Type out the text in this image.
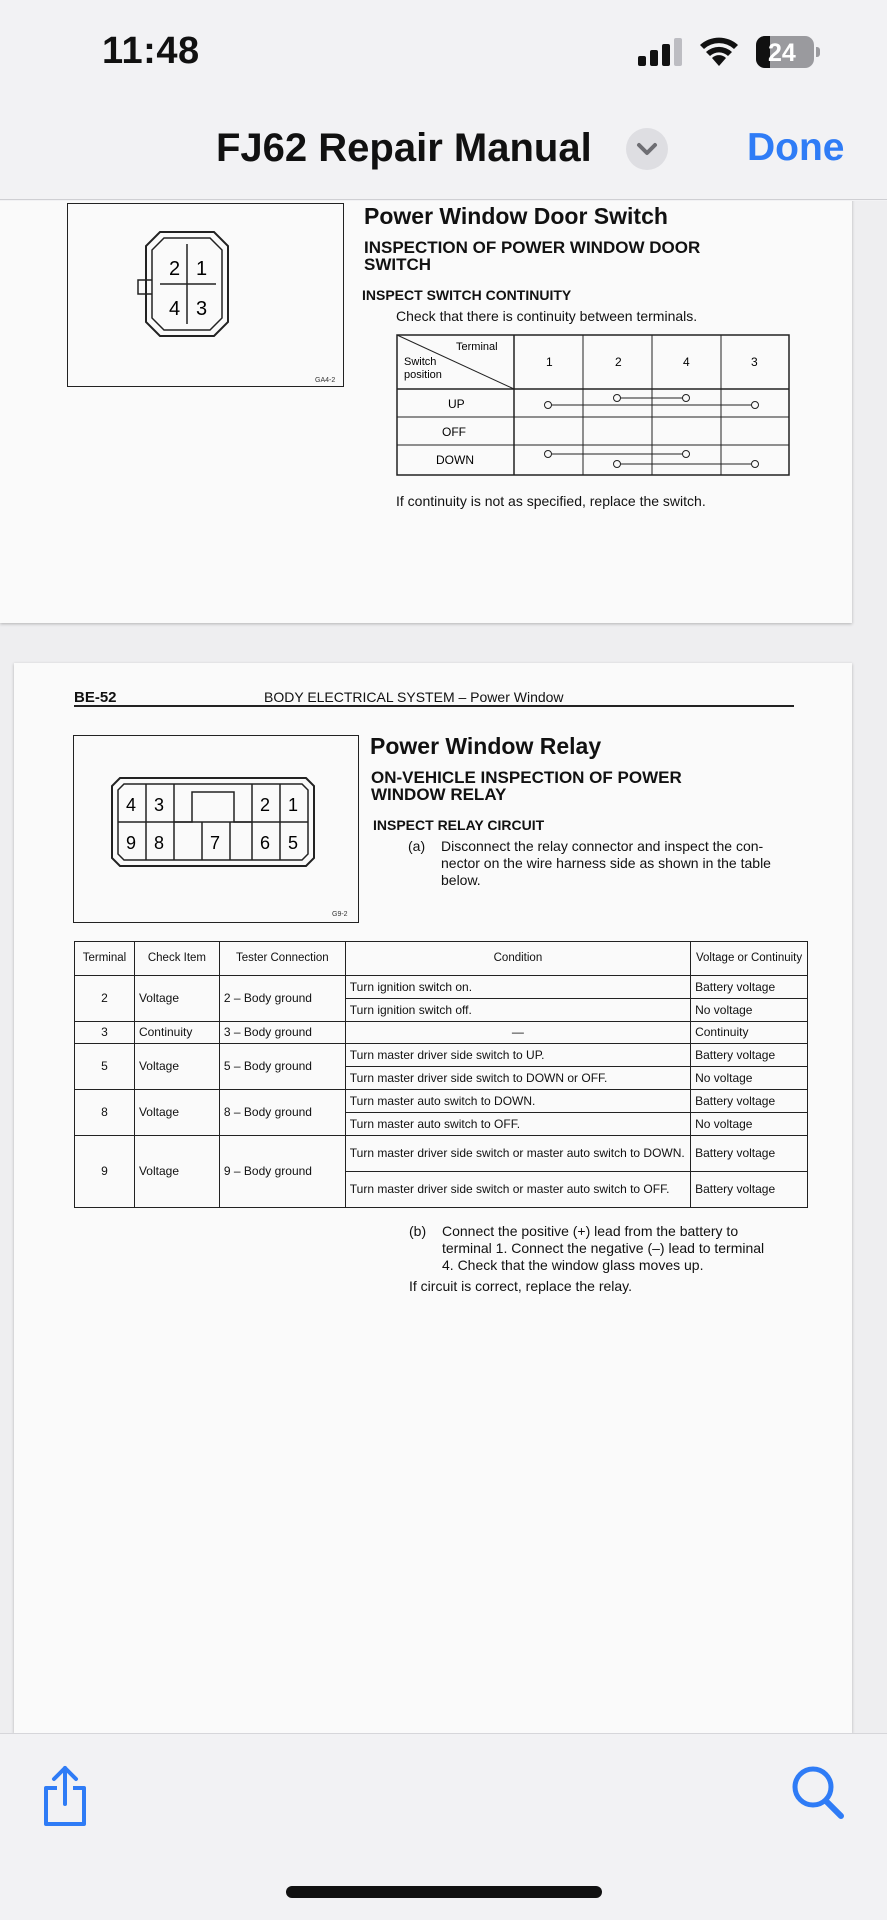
11:48	24
FJ62 Repair Manual	Done
2 1
4 3
GA4-2
Power Window Door Switch
INSPECTION OF POWER WINDOW DOOR
SWITCH
INSPECT SWITCH CONTINUITY
Check that there is continuity between terminals.
Terminal
Switch
position
1	2	4	3
UP
OFF
DOWN
If continuity is not as specified, replace the switch.
BE-52	BODY ELECTRICAL SYSTEM – Power Window
4 3	2 1
9 8	7 6 5
G9-2
Power Window Relay
ON-VEHICLE INSPECTION OF POWER
WINDOW RELAY
INSPECT RELAY CIRCUIT
(a) Disconnect the relay connector and inspect the con-
nector on the wire harness side as shown in the table
below.
Terminal	Check Item	Tester Connection	Condition	Voltage or Continuity
2	Voltage	2 – Body ground	Turn ignition switch on.	Battery voltage
			Turn ignition switch off.	No voltage
3	Continuity	3 – Body ground	—	Continuity
5	Voltage	5 – Body ground	Turn master driver side switch to UP.	Battery voltage
			Turn master driver side switch to DOWN or OFF.	No voltage
8	Voltage	8 – Body ground	Turn master auto switch to DOWN.	Battery voltage
			Turn master auto switch to OFF.	No voltage
9	Voltage	9 – Body ground	Turn master driver side switch or master auto switch to DOWN.	Battery voltage
			Turn master driver side switch or master auto switch to OFF.	Battery voltage
(b) Connect the positive (+) lead from the battery to
terminal 1. Connect the negative (–) lead to terminal
4. Check that the window glass moves up.
If circuit is correct, replace the relay.
